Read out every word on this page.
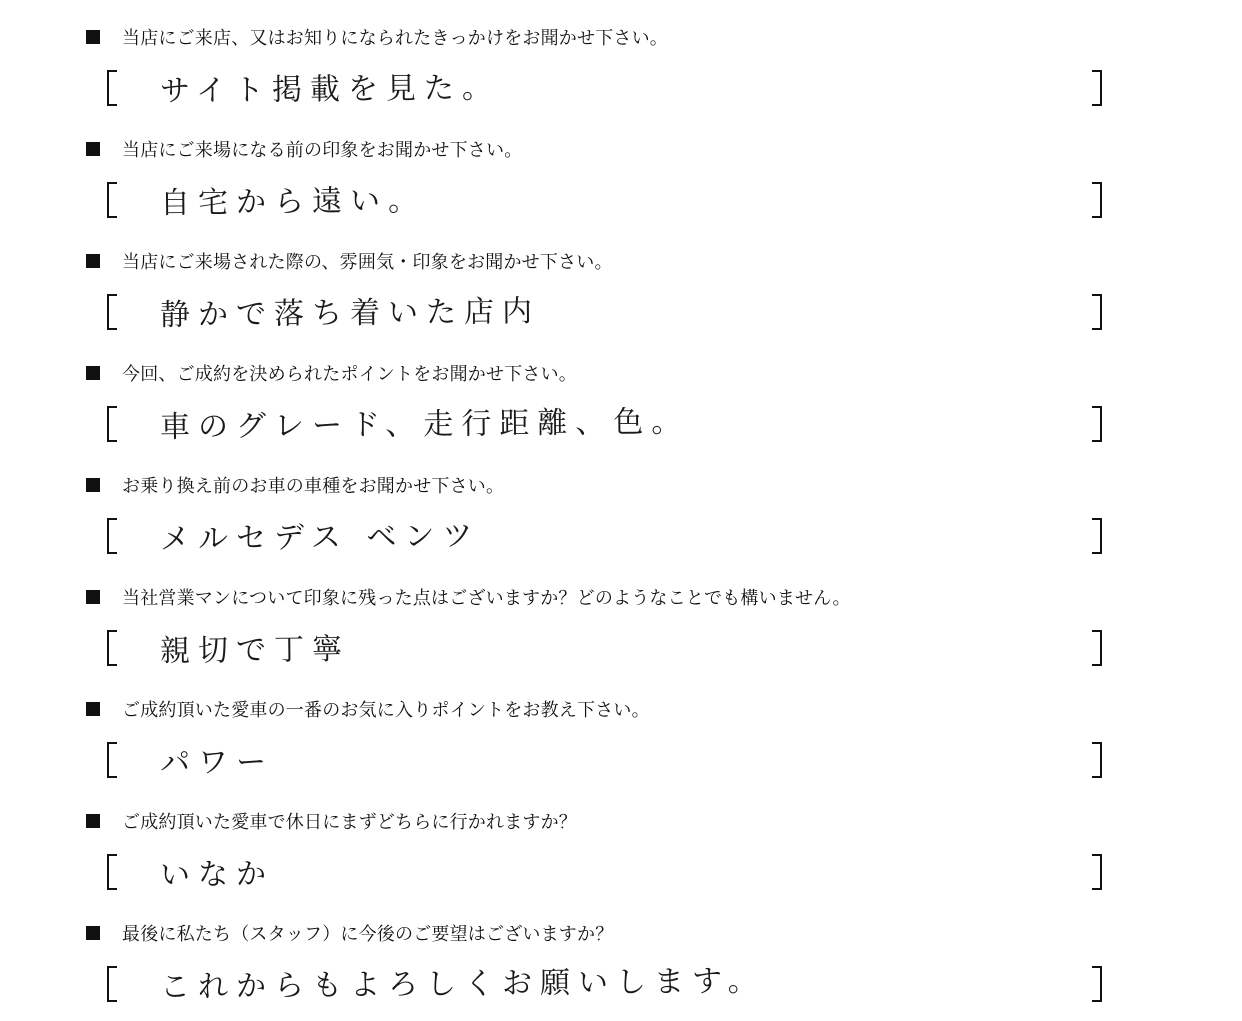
当店にご来店、又はお知りになられたきっかけをお聞かせ下さい。
サイト掲載を見た。
当店にご来場になる前の印象をお聞かせ下さい。
自宅から遠い。
当店にご来場された際の、雰囲気・印象をお聞かせ下さい。
静かで落ち着いた店内
今回、ご成約を決められたポイントをお聞かせ下さい。
車のグレード、走行距離、色。
お乗り換え前のお車の車種をお聞かせ下さい。
メルセデス ベンツ
当社営業マンについて印象に残った点はございますか？どのようなことでも構いません。
親切で丁寧
ご成約頂いた愛車の一番のお気に入りポイントをお教え下さい。
パワー
ご成約頂いた愛車で休日にまずどちらに行かれますか？
いなか
最後に私たち（スタッフ）に今後のご要望はございますか？
これからもよろしくお願いします。
